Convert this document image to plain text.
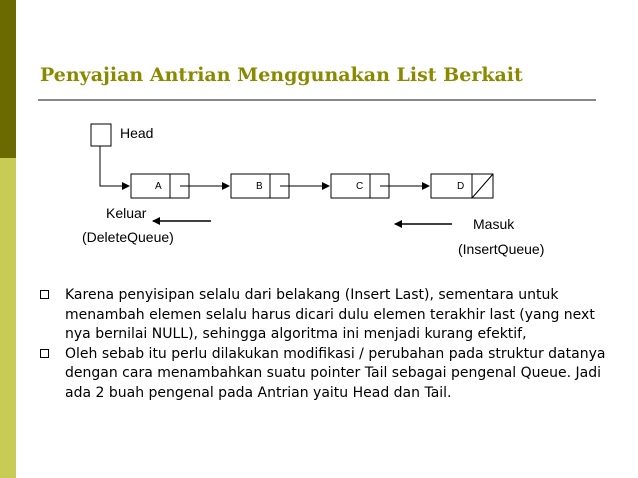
Penyajian Antrian Menggunakan List Berkait
Head
A	B	C	D
Keluar
(DeleteQueue)
Masuk
(InsertQueue)
Karena penyisipan selalu dari belakang (Insert Last), sementara untuk menambah elemen selalu harus dicari dulu elemen terakhir last (yang next nya bernilai NULL), sehingga algoritma ini menjadi kurang efektif,
Oleh sebab itu perlu dilakukan modifikasi / perubahan pada struktur datanya dengan cara menambahkan suatu pointer Tail sebagai pengenal Queue. Jadi ada 2 buah pengenal pada Antrian yaitu Head dan Tail.
